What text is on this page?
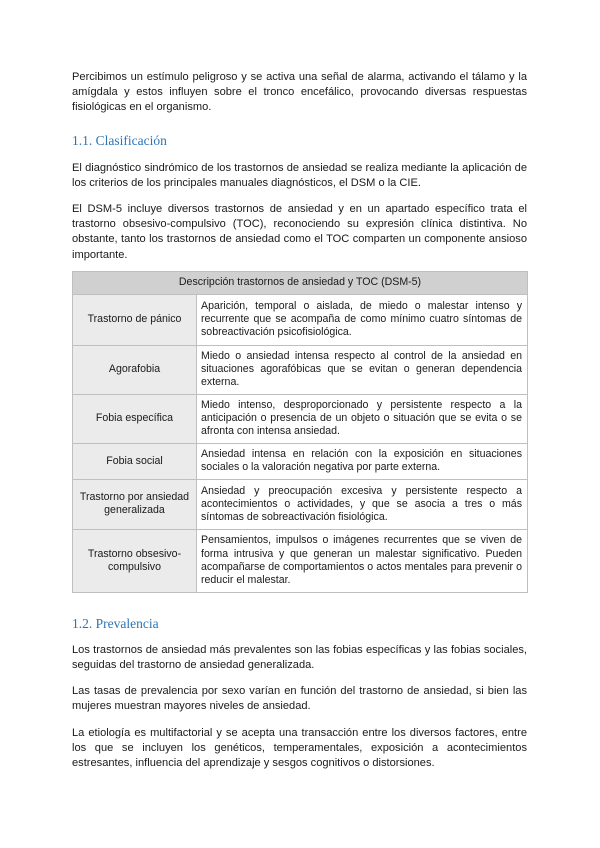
Percibimos un estímulo peligroso y se activa una señal de alarma, activando el tálamo y la amígdala y estos influyen sobre el tronco encefálico, provocando diversas respuestas fisiológicas en el organismo.

1.1. Clasificación

El diagnóstico sindrómico de los trastornos de ansiedad se realiza mediante la aplicación de los criterios de los principales manuales diagnósticos, el DSM o la CIE.

El DSM-5 incluye diversos trastornos de ansiedad y en un apartado específico trata el trastorno obsesivo-compulsivo (TOC), reconociendo su expresión clínica distintiva. No obstante, tanto los trastornos de ansiedad como el TOC comparten un componente ansioso importante.

Descripción trastornos de ansiedad y TOC (DSM-5)	
Trastorno de pánico	Aparición, temporal o aislada, de miedo o malestar intenso y recurrente que se acompaña de como mínimo cuatro síntomas de sobreactivación psicofisiológica.
Agorafobia	Miedo o ansiedad intensa respecto al control de la ansiedad en situaciones agorafóbicas que se evitan o generan dependencia externa.
Fobia específica	Miedo intenso, desproporcionado y persistente respecto a la anticipación o presencia de un objeto o situación que se evita o se afronta con intensa ansiedad.
Fobia social	Ansiedad intensa en relación con la exposición en situaciones sociales o la valoración negativa por parte externa.
Trastorno por ansiedad generalizada	Ansiedad y preocupación excesiva y persistente respecto a acontecimientos o actividades, y que se asocia a tres o más síntomas de sobreactivación fisiológica.
Trastorno obsesivo-compulsivo	Pensamientos, impulsos o imágenes recurrentes que se viven de forma intrusiva y que generan un malestar significativo. Pueden acompañarse de comportamientos o actos mentales para prevenir o reducir el malestar.
1.2. Prevalencia

Los trastornos de ansiedad más prevalentes son las fobias específicas y las fobias sociales, seguidas del trastorno de ansiedad generalizada.

Las tasas de prevalencia por sexo varían en función del trastorno de ansiedad, si bien las mujeres muestran mayores niveles de ansiedad.

La etiología es multifactorial y se acepta una transacción entre los diversos factores, entre los que se incluyen los genéticos, temperamentales, exposición a acontecimientos estresantes, influencia del aprendizaje y sesgos cognitivos o distorsiones.
